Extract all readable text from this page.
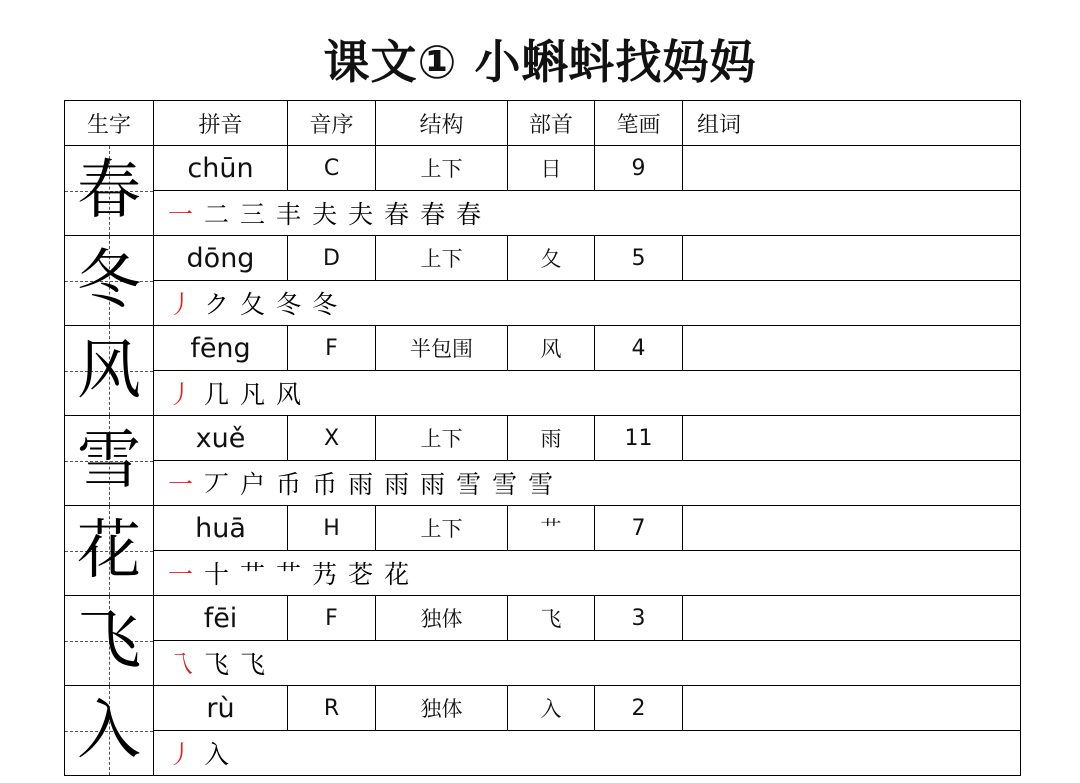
课文① 小蝌蚪找妈妈
生字	拼音	音序	结构	部首	笔画	组词

春	chūn	C	上下	日	9	
	一 二 三 丰 夫 夫 春 春 春					

冬	dōng	D	上下	夂	5	
	丿 ク 夂 冬 冬					

风	fēng	F	半包围	风	4	
	丿 几 凡 风					

雪	xuě	X	上下	雨	11	
	一 丆 户 币 币 雨 雨 雨 雪 雪 雪					

花	huā	H	上下	艹	7	
	一 十 艹 艹 艿 芲 花					

飞	fēi	F	独体	飞	3	
	乁 飞 飞					

入	rù	R	独体	入	2	
	丿 入					
